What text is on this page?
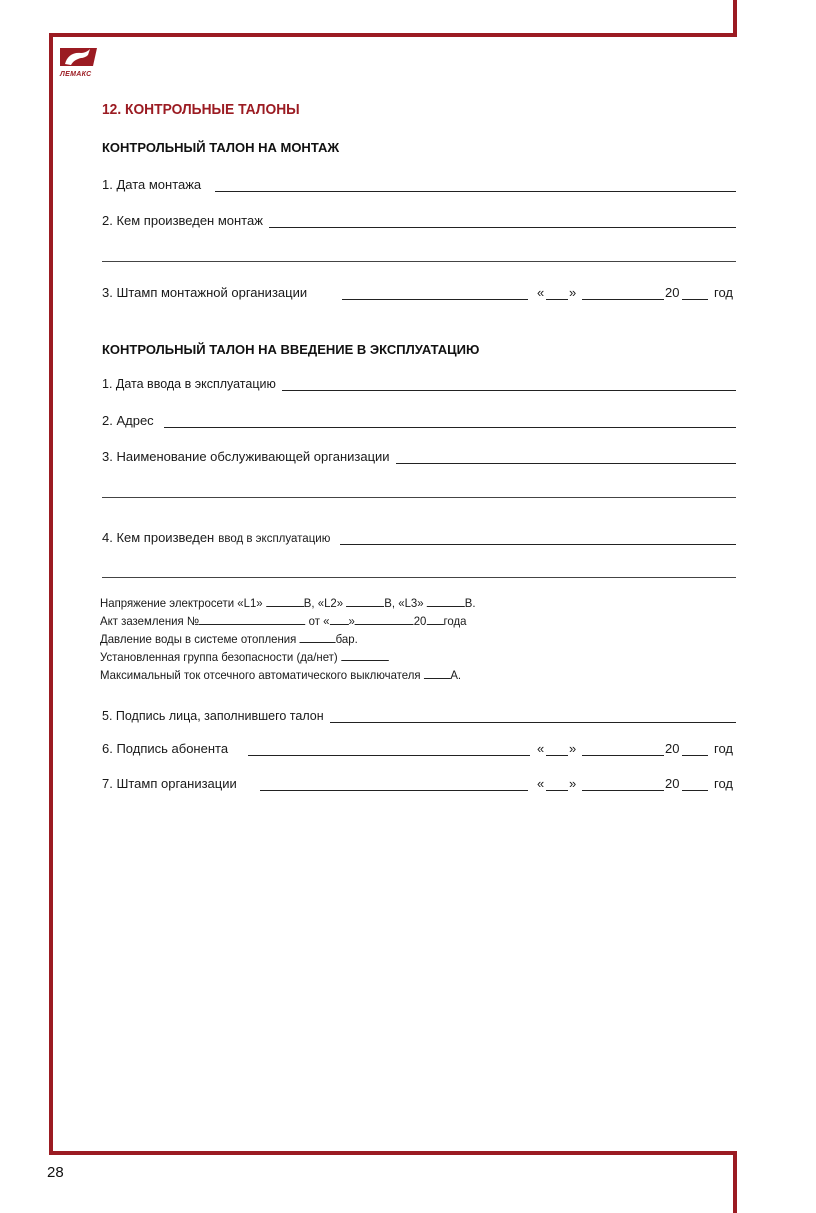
ЛЕМАКС
12. КОНТРОЛЬНЫЕ ТАЛОНЫ
КОНТРОЛЬНЫЙ ТАЛОН НА МОНТАЖ
1. Дата монтажа
2. Кем произведен монтаж
3. Штамп монтажной организации	« »	20	год
КОНТРОЛЬНЫЙ ТАЛОН НА ВВЕДЕНИЕ В ЭКСПЛУАТАЦИЮ
1. Дата ввода в эксплуатацию
2. Адрес
3. Наименование обслуживающей организации
4. Кем произведен ввод в эксплуатацию
Напряжение электросети «L1»	В, «L2»	В, «L3»	В.
Акт заземления №	от « »	20 года
Давление воды в системе отопления	бар.
Установленная группа безопасности (да/нет)
Максимальный ток отсечного автоматического выключателя А.
5. Подпись лица, заполнившего талон
6. Подпись абонента	« »	20	год
7. Штамп организации	« »	20	год
28
